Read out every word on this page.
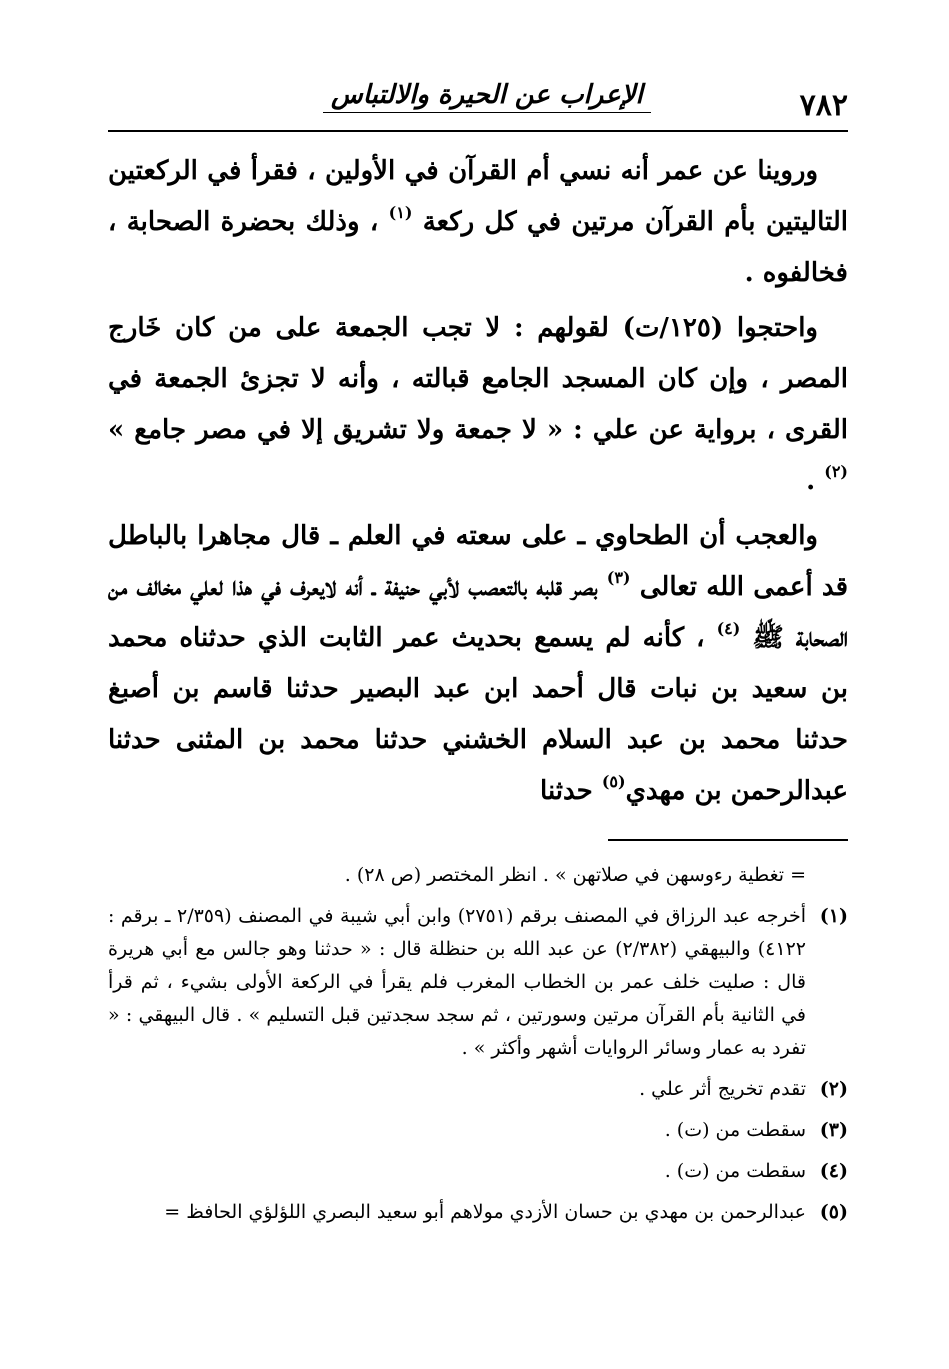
٧٨٢
الإعراب عن الحيرة والالتباس

وروينا عن عمر أنه نسي أم القرآن في الأولين ، فقرأ في الركعتين التاليتين بأم القرآن مرتين في كل ركعة $^{(١)}$ ، وذلك بحضرة الصحابة ، فخالفوه .

واحتجوا (١٢٥/ت) لقولهم : لا تجب الجمعة على من كان خَارج المصر ، وإن كان المسجد الجامع قبالته ، وأنه لا تجزئ الجمعة في القرى ، برواية عن علي : « لا جمعة ولا تشريق إلا في مصر جامع » $^{(٢)}$ .

والعجب أن الطحاوي ـ على سعته في العلم ـ قال مجاهرا بالباطل قد أعمى الله تعالى $^{(٣)}$ بصر قلبه بالتعصب لأبي حنيفة ـ أنه لايعرف في هذا لعلي مخالف من الصحابة ﷺ $^{(٤)}$ ، كأنه لم يسمع بحديث عمر الثابت الذي حدثناه محمد بن سعيد بن نبات قال أحمد ابن عبد البصير حدثنا قاسم بن أصبغ حدثنا محمد بن عبد السلام الخشني حدثنا محمد بن المثنى حدثنا عبدالرحمن بن مهدي$^{(٥)}$ حدثنا

= تغطية رءوسهن في صلاتهن » . انظر المختصر (ص ٢٨) .
(١)
أخرجه عبد الرزاق في المصنف برقم (٢٧٥١) وابن أبي شيبة في المصنف (٢/٣٥٩ ـ برقم : ٤١٢٢) والبيهقي (٢/٣٨٢) عن عبد الله بن حنظلة قال : « حدثنا وهو جالس مع أبي هريرة قال : صليت خلف عمر بن الخطاب المغرب فلم يقرأ في الركعة الأولى بشيء ، ثم قرأ في الثانية بأم القرآن مرتين وسورتين ، ثم سجد سجدتين قبل التسليم » . قال البيهقي : « تفرد به عمار وسائر الروايات أشهر وأكثر » .
(٢)
تقدم تخريج أثر علي .
(٣)
سقطت من (ت) .
(٤)
سقطت من (ت) .
(٥)
عبدالرحمن بن مهدي بن حسان الأزدي مولاهم أبو سعيد البصري اللؤلؤي الحافظ =
